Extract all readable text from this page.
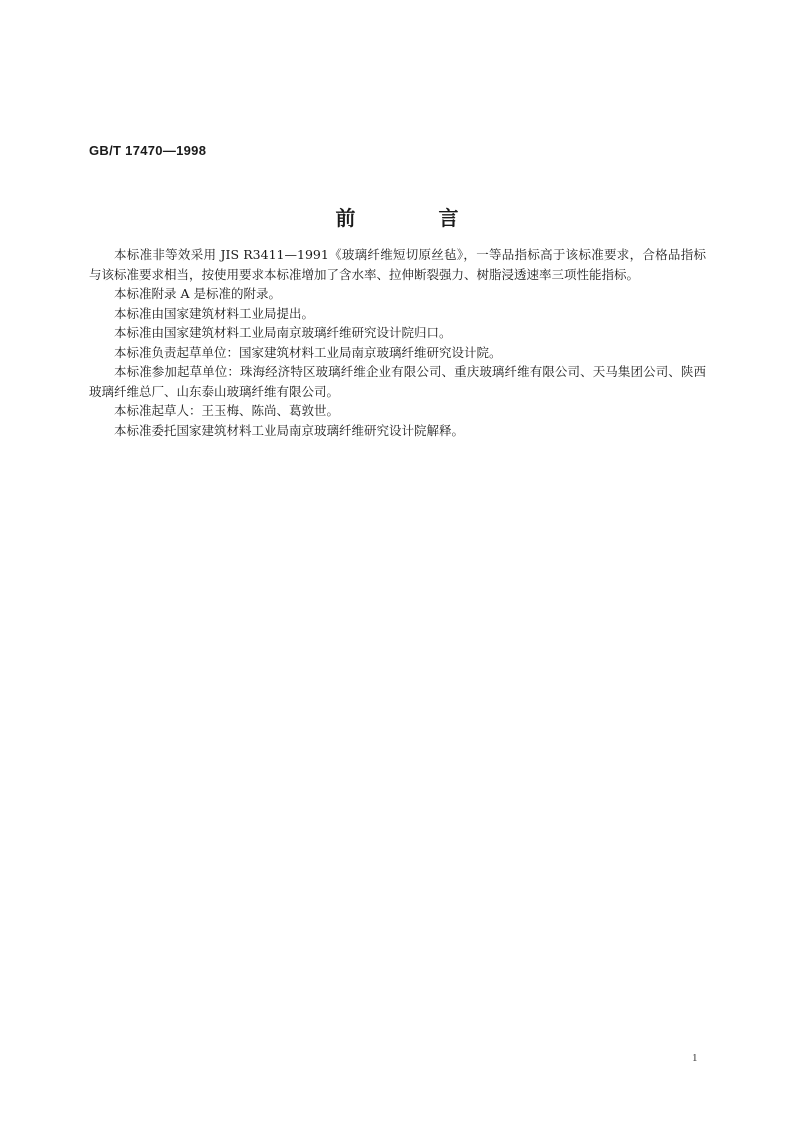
GB/T 17470—1998
前 言

本标准非等效采用 JIS R3411—1991《玻璃纤维短切原丝毡》，一等品指标高于该标准要求，合格品指标与该标准要求相当，按使用要求本标准增加了含水率、拉伸断裂强力、树脂浸透速率三项性能指标。

本标准附录 A 是标准的附录。

本标准由国家建筑材料工业局提出。

本标准由国家建筑材料工业局南京玻璃纤维研究设计院归口。

本标准负责起草单位：国家建筑材料工业局南京玻璃纤维研究设计院。

本标准参加起草单位：珠海经济特区玻璃纤维企业有限公司、重庆玻璃纤维有限公司、天马集团公司、陕西玻璃纤维总厂、山东泰山玻璃纤维有限公司。

本标准起草人：王玉梅、陈尚、葛敦世。

本标准委托国家建筑材料工业局南京玻璃纤维研究设计院解释。

1
